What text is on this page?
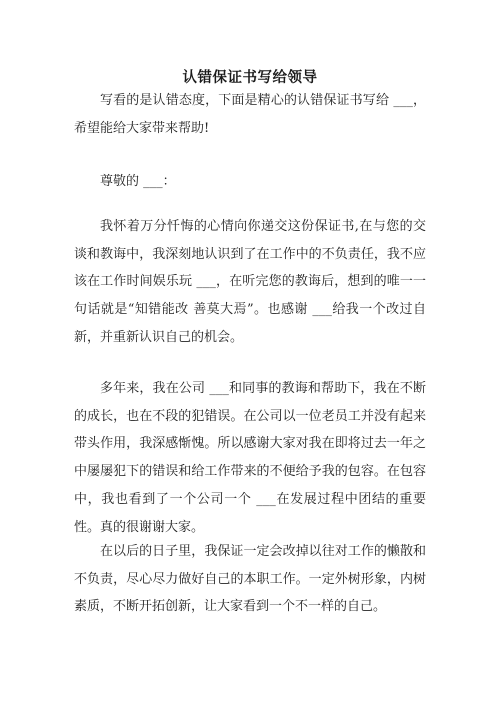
认错保证书写给领导

写看的是认错态度，下面是精心的认错保证书写给 ___，希望能给大家带来帮助!

尊敬的 ___：

我怀着万分忏悔的心情向你递交这份保证书,在与您的交谈和教诲中，我深刻地认识到了在工作中的不负责任，我不应该在工作时间娱乐玩 ___，在听完您的教诲后，想到的唯一一句话就是“知错能改 善莫大焉”。也感谢 ___给我一个改过自新，并重新认识自己的机会。

多年来，我在公司 ___和同事的教诲和帮助下，我在不断的成长，也在不段的犯错误。在公司以一位老员工并没有起来带头作用，我深感惭愧。所以感谢大家对我在即将过去一年之中屡屡犯下的错误和给工作带来的不便给予我的包容。在包容中，我也看到了一个公司一个 ___在发展过程中团结的重要性。真的很谢谢大家。

在以后的日子里，我保证一定会改掉以往对工作的懒散和不负责，尽心尽力做好自己的本职工作。一定外树形象，内树素质，不断开拓创新，让大家看到一个不一样的自己。
